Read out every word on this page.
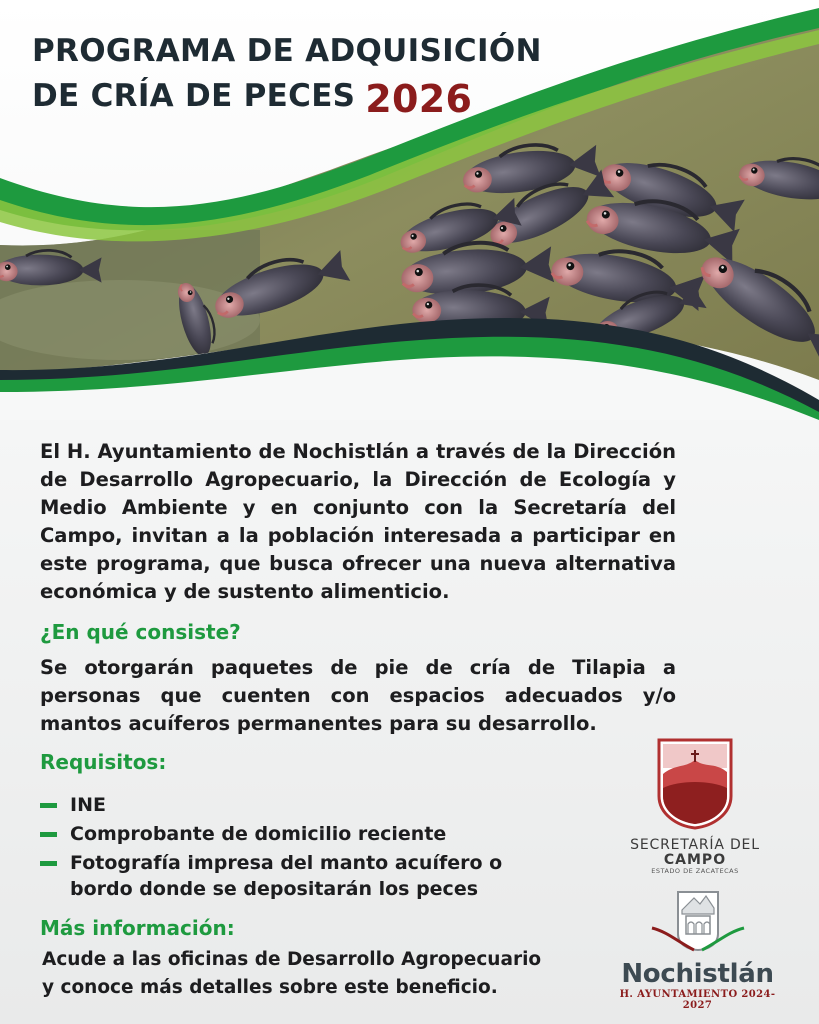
PROGRAMA DE ADQUISICIÓN
DE CRÍA DE PECES 2026
El H. Ayuntamiento de Nochistlán a través de la Dirección de Desarrollo Agropecuario, la Dirección de Ecología y Medio Ambiente y en conjunto con la Secretaría del Campo, invitan a la población interesada a participar en este programa, que busca ofrecer una nueva alternativa económica y de sustento alimenticio.
¿En qué consiste?
Se otorgarán paquetes de pie de cría de Tilapia a personas que cuenten con espacios adecuados y/o mantos acuíferos permanentes para su desarrollo.
Requisitos:
INE
Comprobante de domicilio reciente
Fotografía impresa del manto acuífero o bordo donde se depositarán los peces
Más información:
Acude a las oficinas de Desarrollo Agropecuario y conoce más detalles sobre este beneficio.
SECRETARÍA DEL
CAMPO
ESTADO DE ZACATECAS
Nochistlán
H. AYUNTAMIENTO 2024-2027
